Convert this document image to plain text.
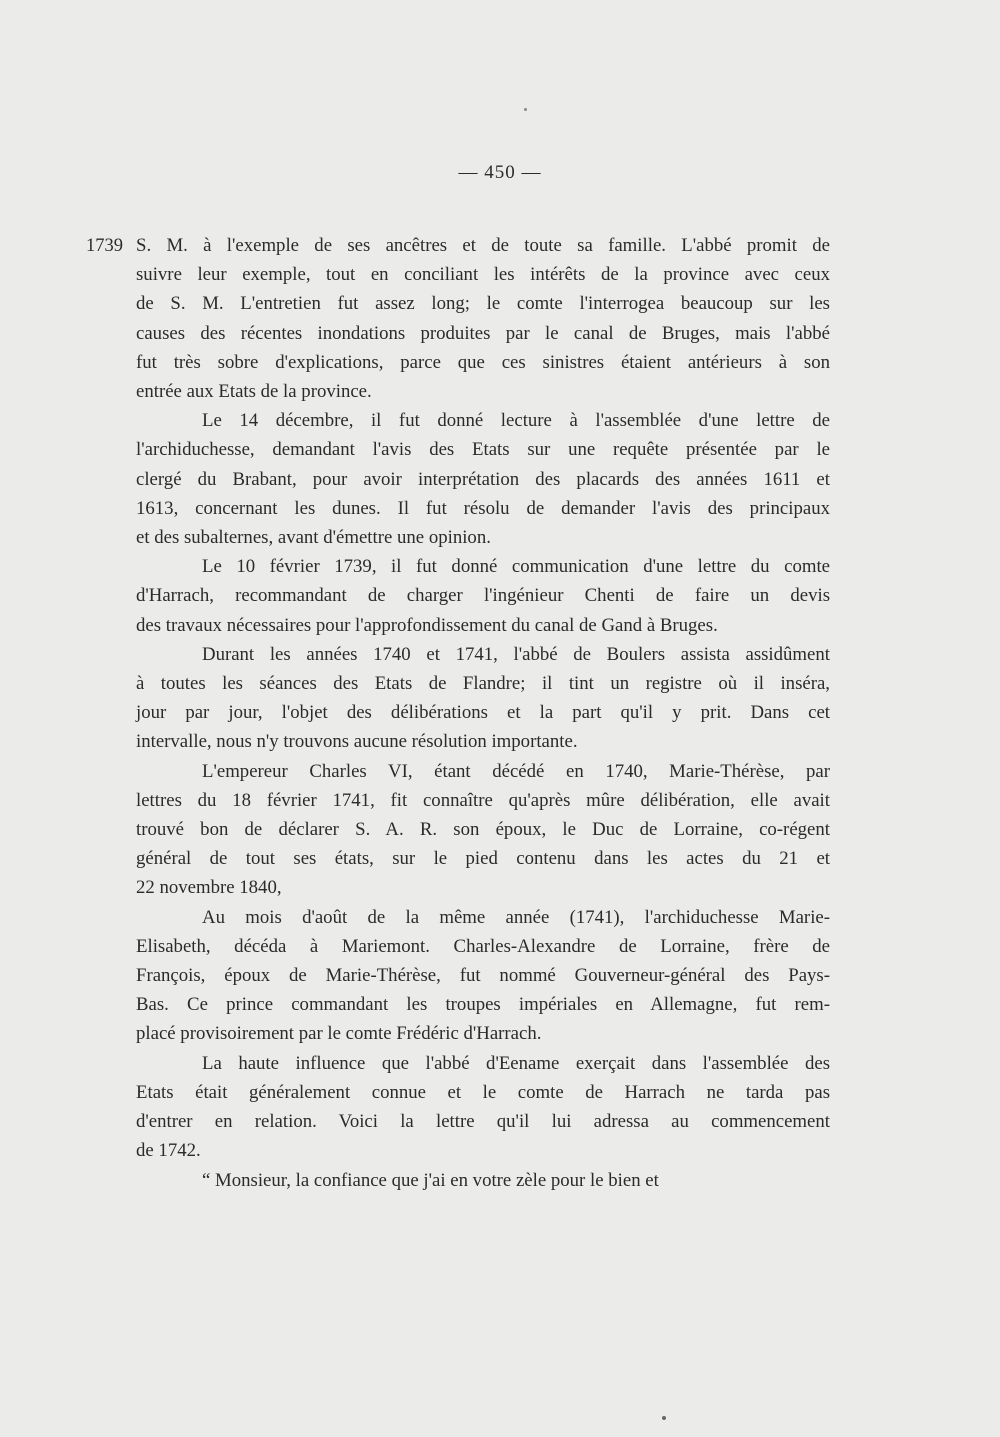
— 450 —
1739 S. M. à l'exemple de ses ancêtres et de toute sa famille. L'abbé promit de
suivre leur exemple, tout en conciliant les intérêts de la province avec ceux
de S. M. L'entretien fut assez long; le comte l'interrogea beaucoup sur les
causes des récentes inondations produites par le canal de Bruges, mais l'abbé
fut très sobre d'explications, parce que ces sinistres étaient antérieurs à son
entrée aux Etats de la province.

Le 14 décembre, il fut donné lecture à l'assemblée d'une lettre de
l'archiduchesse, demandant l'avis des Etats sur une requête présentée par le
clergé du Brabant, pour avoir interprétation des placards des années 1611 et
1613, concernant les dunes. Il fut résolu de demander l'avis des principaux
et des subalternes, avant d'émettre une opinion.

Le 10 février 1739, il fut donné communication d'une lettre du comte
d'Harrach, recommandant de charger l'ingénieur Chenti de faire un devis
des travaux nécessaires pour l'approfondissement du canal de Gand à Bruges.

Durant les années 1740 et 1741, l'abbé de Boulers assista assidûment
à toutes les séances des Etats de Flandre; il tint un registre où il inséra,
jour par jour, l'objet des délibérations et la part qu'il y prit. Dans cet
intervalle, nous n'y trouvons aucune résolution importante.

L'empereur Charles VI, étant décédé en 1740, Marie-Thérèse, par
lettres du 18 février 1741, fit connaître qu'après mûre délibération, elle avait
trouvé bon de déclarer S. A. R. son époux, le Duc de Lorraine, co-régent
général de tout ses états, sur le pied contenu dans les actes du 21 et
22 novembre 1840,

Au mois d'août de la même année (1741), l'archiduchesse Marie-
Elisabeth, décéda à Mariemont. Charles-Alexandre de Lorraine, frère de
François, époux de Marie-Thérèse, fut nommé Gouverneur-général des Pays-
Bas. Ce prince commandant les troupes impériales en Allemagne, fut rem-
placé provisoirement par le comte Frédéric d'Harrach.

La haute influence que l'abbé d'Eename exerçait dans l'assemblée des
Etats était généralement connue et le comte de Harrach ne tarda pas
d'entrer en relation. Voici la lettre qu'il lui adressa au commencement
de 1742.

“ Monsieur, la confiance que j'ai en votre zèle pour le bien et
